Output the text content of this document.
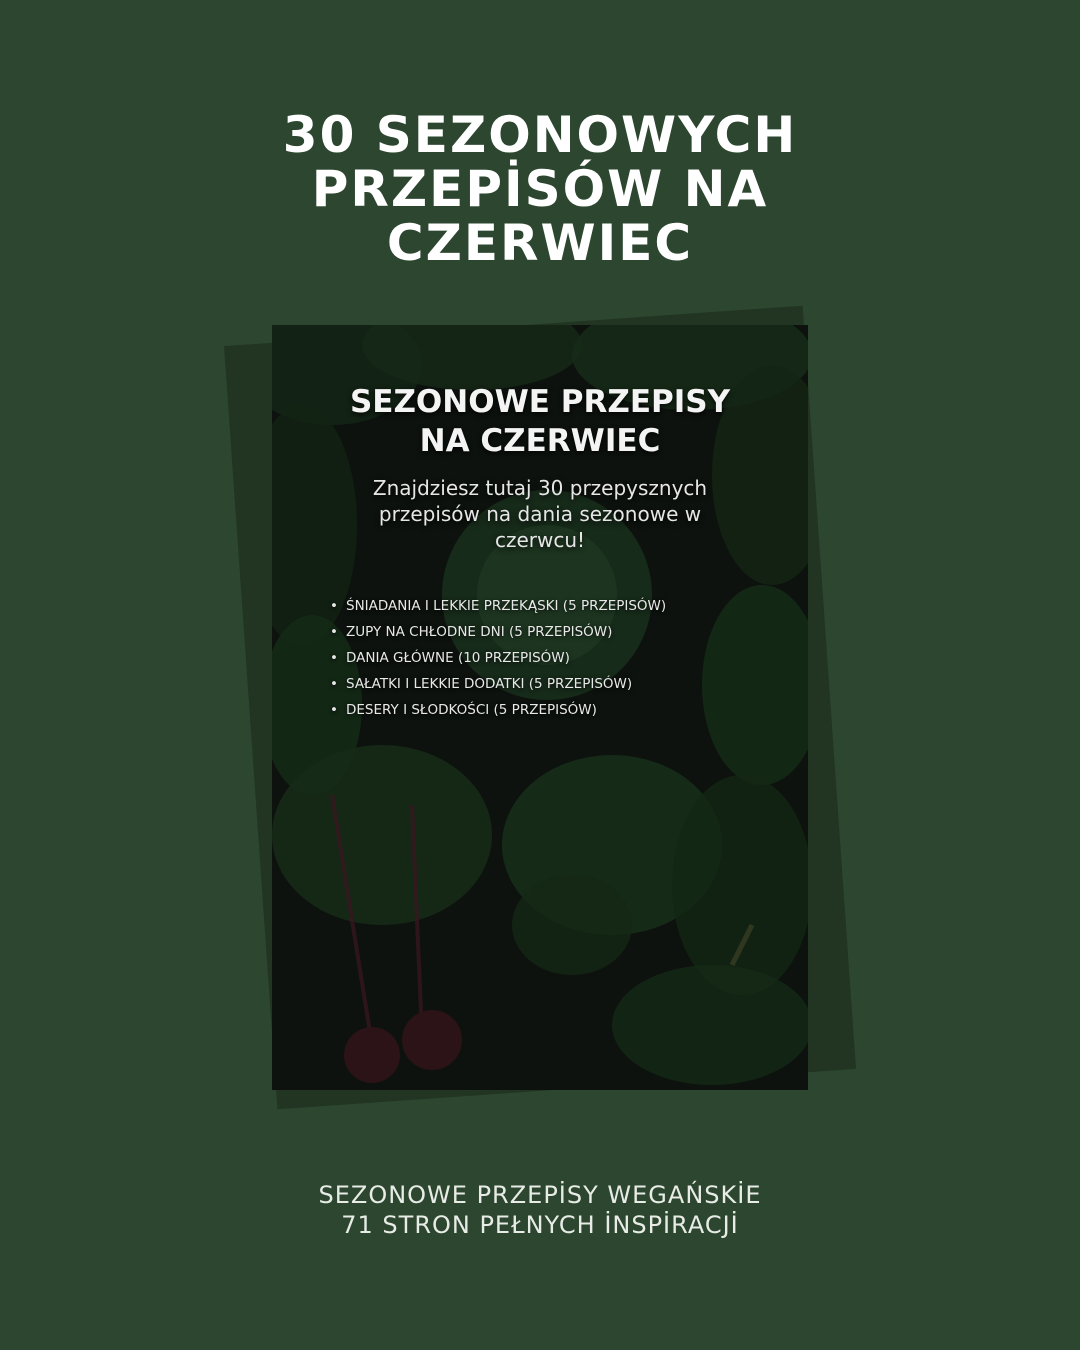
30 SEZONOWYCH
PRZEPİSÓW NA
CZERWIEC
SEZONOWE PRZEPISY
NA CZERWIEC
Znajdziesz tutaj 30 przepysznych
przepisów na dania sezonowe w
czerwcu!
• ŚNIADANIA I LEKKIE PRZEKĄSKI (5 PRZEPISÓW)
• ZUPY NA CHŁODNE DNI (5 PRZEPISÓW)
• DANIA GŁÓWNE (10 PRZEPISÓW)
• SAŁATKI I LEKKIE DODATKI (5 PRZEPISÓW)
• DESERY I SŁODKOŚCI (5 PRZEPISÓW)
SEZONOWE PRZEPİSY WEGAŃSKİE
71 STRON PEŁNYCH İNSPİRACJİ
